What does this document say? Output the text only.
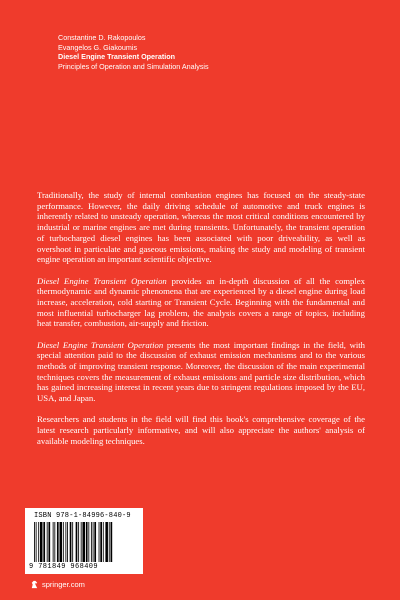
Constantine D. Rakopoulos
Evangelos G. Giakoumis
Diesel Engine Transient Operation
Principles of Operation and Simulation Analysis

Traditionally, the study of internal combustion engines has focused on the steady-state performance. However, the daily driving schedule of automotive and truck engines is inherently related to unsteady operation, whereas the most critical conditions encountered by industrial or marine engines are met during transients. Unfortunately, the transient operation of turbocharged diesel engines has been associated with poor driveability, as well as overshoot in particulate and gaseous emissions, making the study and modeling of transient engine operation an important scientific objective.

Diesel Engine Transient Operation provides an in-depth discussion of all the complex thermodynamic and dynamic phenomena that are experienced by a diesel engine during load increase, acceleration, cold starting or Transient Cycle. Beginning with the fundamental and most influential turbocharger lag problem, the analysis covers a range of topics, including heat transfer, combustion, air-supply and friction.

Diesel Engine Transient Operation presents the most important findings in the field, with special attention paid to the discussion of exhaust emission mechanisms and to the various methods of improving transient response. Moreover, the discussion of the main experimental techniques covers the measurement of exhaust emissions and particle size distribution, which has gained increasing interest in recent years due to stringent regulations imposed by the EU, USA, and Japan.

Researchers and students in the field will find this book's comprehensive coverage of the latest research particularly informative, and will also appreciate the authors' analysis of available modeling techniques.

ISBN 978-1-84996-840-9
9 781849 968409
springer.com
